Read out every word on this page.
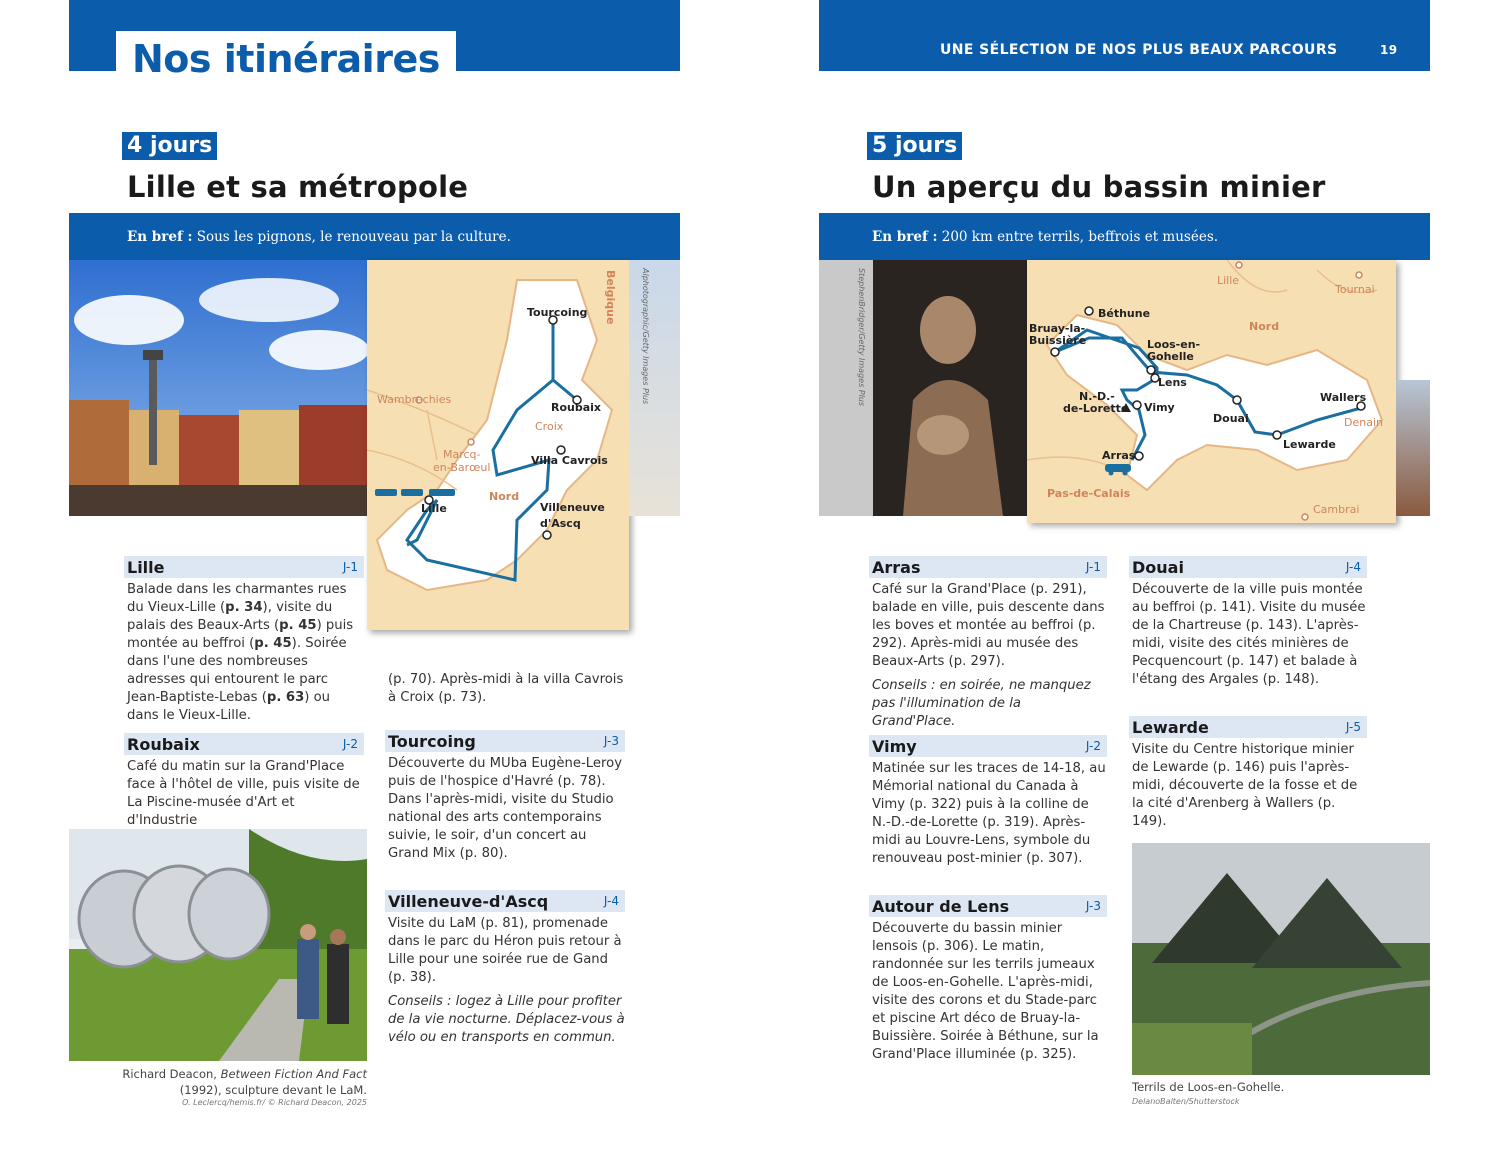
Nos itinéraires
4 jours
Lille et sa métropole
En bref : Sous les pignons, le renouveau par la culture.
Belgique
Tourcoing
Roubaix
Croix
Villa Cavrois
Wambrechies
Marcq-
en-Barœul
Nord
Villeneuve
d'Ascq
Lille
Alphotographic/Getty Images Plus
Lille	J-1
Balade dans les charmantes rues du Vieux-Lille (p. 34), visite du palais des Beaux-Arts (p. 45) puis montée au beffroi (p. 45). Soirée dans l'une des nombreuses adresses qui entourent le parc Jean-Baptiste-Lebas (p. 63) ou dans le Vieux-Lille.
Roubaix	J-2
Café du matin sur la Grand'Place face à l'hôtel de ville, puis visite de La Piscine-musée d'Art et d'Industrie
(p. 70). Après-midi à la villa Cavrois à Croix (p. 73).
Tourcoing	J-3
Découverte du MUba Eugène-Leroy puis de l'hospice d'Havré (p. 78). Dans l'après-midi, visite du Studio national des arts contemporains suivie, le soir, d'un concert au Grand Mix (p. 80).
Villeneuve-d'Ascq	J-4
Visite du LaM (p. 81), promenade dans le parc du Héron puis retour à Lille pour une soirée rue de Gand (p. 38).
Conseils : logez à Lille pour profiter de la vie nocturne. Déplacez-vous à vélo ou en transports en commun.
Richard Deacon, Between Fiction And Fact
(1992), sculpture devant le LaM.
O. Leclercq/hemis.fr/ © Richard Deacon, 2025
UNE SÉLECTION DE NOS PLUS BEAUX PARCOURS	19
5 jours
Un aperçu du bassin minier
En bref : 200 km entre terrils, beffrois et musées.
StephenBridger/Getty Images Plus	Lille
Tournai
Béthune
Bruay-la-
Buissière	Loos-en-
Gohelle
Lens
N.-D.-
de-Lorette Vimy
Douai
Wallers
Denain
Lewarde
Arras
Cambrai
Nord
Pas-de-Calais
Arras	J-1
Café sur la Grand'Place (p. 291), balade en ville, puis descente dans les boves et montée au beffroi (p. 292). Après-midi au musée des Beaux-Arts (p. 297).
Conseils : en soirée, ne manquez pas l'illumination de la Grand'Place.
Vimy	J-2
Matinée sur les traces de 14-18, au Mémorial national du Canada à Vimy (p. 322) puis à la colline de N.-D.-de-Lorette (p. 319). Après-midi au Louvre-Lens, symbole du renouveau post-minier (p. 307).
Autour de Lens	J-3
Découverte du bassin minier lensois (p. 306). Le matin, randonnée sur les terrils jumeaux de Loos-en-Gohelle. L'après-midi, visite des corons et du Stade-parc et piscine Art déco de Bruay-la-Buissière. Soirée à Béthune, sur la Grand'Place illuminée (p. 325).
Douai	J-4
Découverte de la ville puis montée au beffroi (p. 141). Visite du musée de la Chartreuse (p. 143). L'après-midi, visite des cités minières de Pecquencourt (p. 147) et balade à l'étang des Argales (p. 148).
Lewarde	J-5
Visite du Centre historique minier de Lewarde (p. 146) puis l'après-midi, découverte de la fosse et de la cité d'Arenberg à Wallers (p. 149).
Terrils de Loos-en-Gohelle.
DelanoBalten/Shutterstock
